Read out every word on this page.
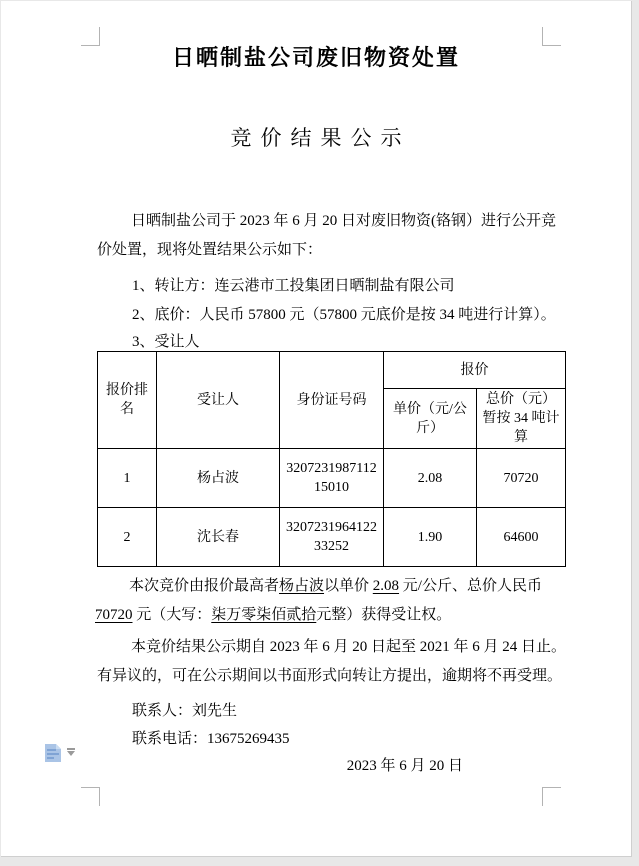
日晒制盐公司废旧物资处置
竞价结果公示

日晒制盐公司于 2023 年 6 月 20 日对废旧物资(铬钢）进行公开竞价处置，现将处置结果公示如下：

1、转让方：连云港市工投集团日晒制盐有限公司
2、底价：人民币 57800 元（57800 元底价是按 34 吨进行计算）。
3、受让人
报价排名	受让人	身份证号码	报价	
			单价（元/公斤）	总价（元）暂按 34 吨计算
1	杨占波	320723198711215010	2.08	70720
2	沈长春	320723196412233252	1.90	64600

本次竞价由报价最高者杨占波以单价 2.08 元/公斤、总价人民币 70720 元（大写：柒万零柒佰贰拾元整）获得受让权。

本竞价结果公示期自 2023 年 6 月 20 日起至 2021 年 6 月 24 日止。有异议的，可在公示期间以书面形式向转让方提出，逾期将不再受理。

联系人：刘先生
联系电话：13675269435
2023 年 6 月 20 日
